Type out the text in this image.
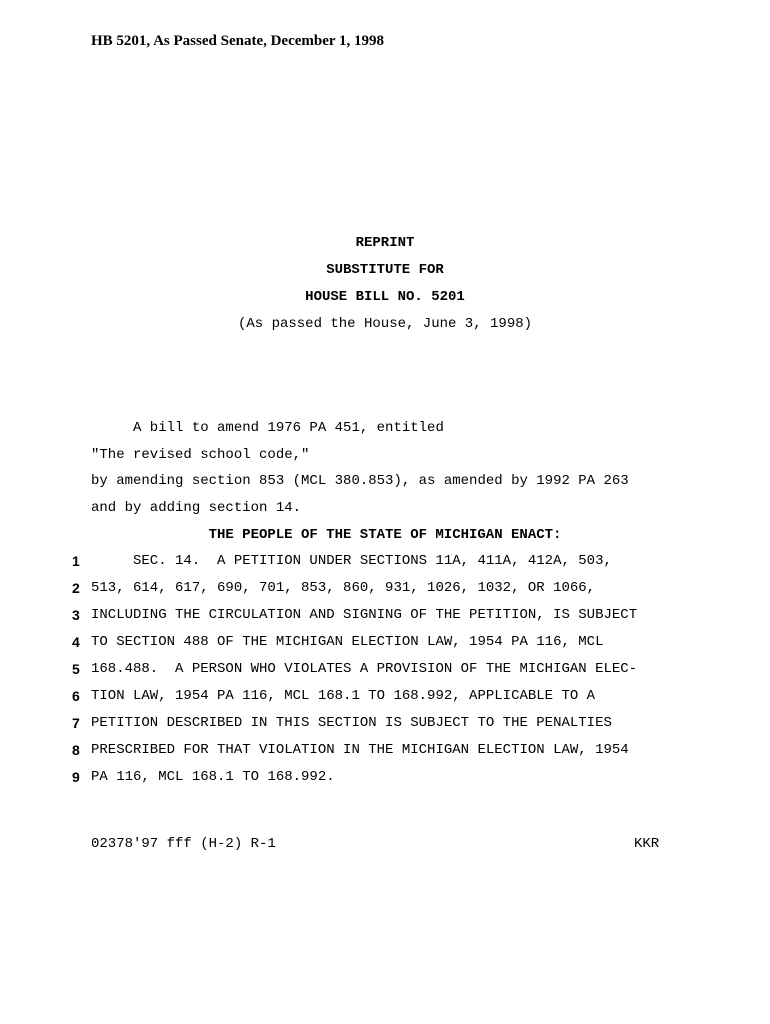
HB 5201, As Passed Senate, December 1, 1998
REPRINT
SUBSTITUTE FOR
HOUSE BILL NO. 5201
(As passed the House, June 3, 1998)
A bill to amend 1976 PA 451, entitled
"The revised school code,"
by amending section 853 (MCL 380.853), as amended by 1992 PA 263
and by adding section 14.
THE PEOPLE OF THE STATE OF MICHIGAN ENACT:
1 SEC. 14.  A PETITION UNDER SECTIONS 11A, 411A, 412A, 503,
2 513, 614, 617, 690, 701, 853, 860, 931, 1026, 1032, OR 1066,
3 INCLUDING THE CIRCULATION AND SIGNING OF THE PETITION, IS SUBJECT
4 TO SECTION 488 OF THE MICHIGAN ELECTION LAW, 1954 PA 116, MCL
5 168.488.  A PERSON WHO VIOLATES A PROVISION OF THE MICHIGAN ELEC-
6 TION LAW, 1954 PA 116, MCL 168.1 TO 168.992, APPLICABLE TO A
7 PETITION DESCRIBED IN THIS SECTION IS SUBJECT TO THE PENALTIES
8 PRESCRIBED FOR THAT VIOLATION IN THE MICHIGAN ELECTION LAW, 1954
9 PA 116, MCL 168.1 TO 168.992.
02378'97 fff (H-2) R-1	KKR
